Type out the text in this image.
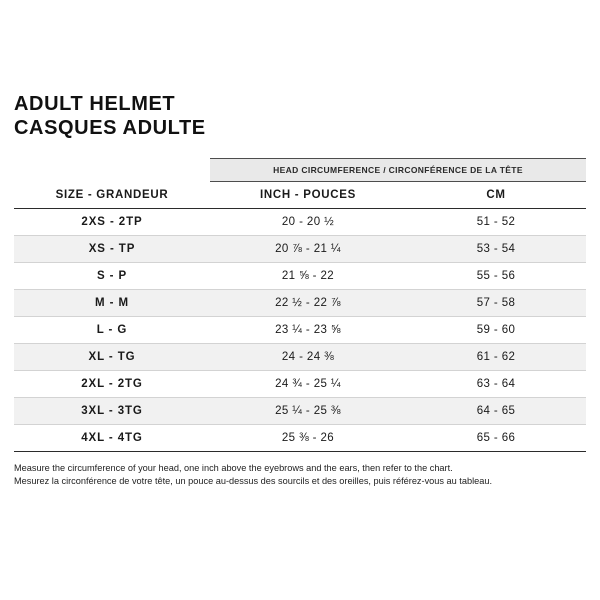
ADULT HELMET
CASQUES ADULTE
	HEAD CIRCUMFERENCE / CIRCONFÉRENCE DE LA TÊTE	
SIZE - GRANDEUR	INCH - POUCES	CM
2XS - 2TP	20 - 20 ½	51 - 52
XS - TP	20 ⅞ - 21 ¼	53 - 54
S - P	21 ⅝ - 22	55 - 56
M - M	22 ½ - 22 ⅞	57 - 58
L - G	23 ¼ - 23 ⅝	59 - 60
XL - TG	24 - 24 ⅜	61 - 62
2XL - 2TG	24 ¾ - 25 ¼	63 - 64
3XL - 3TG	25 ¼ - 25 ⅜	64 - 65
4XL - 4TG	25 ⅜ - 26	65 - 66
Measure the circumference of your head, one inch above the eyebrows and the ears, then refer to the chart.
Mesurez la circonférence de votre tête, un pouce au-dessus des sourcils et des oreilles, puis référez-vous au tableau.
